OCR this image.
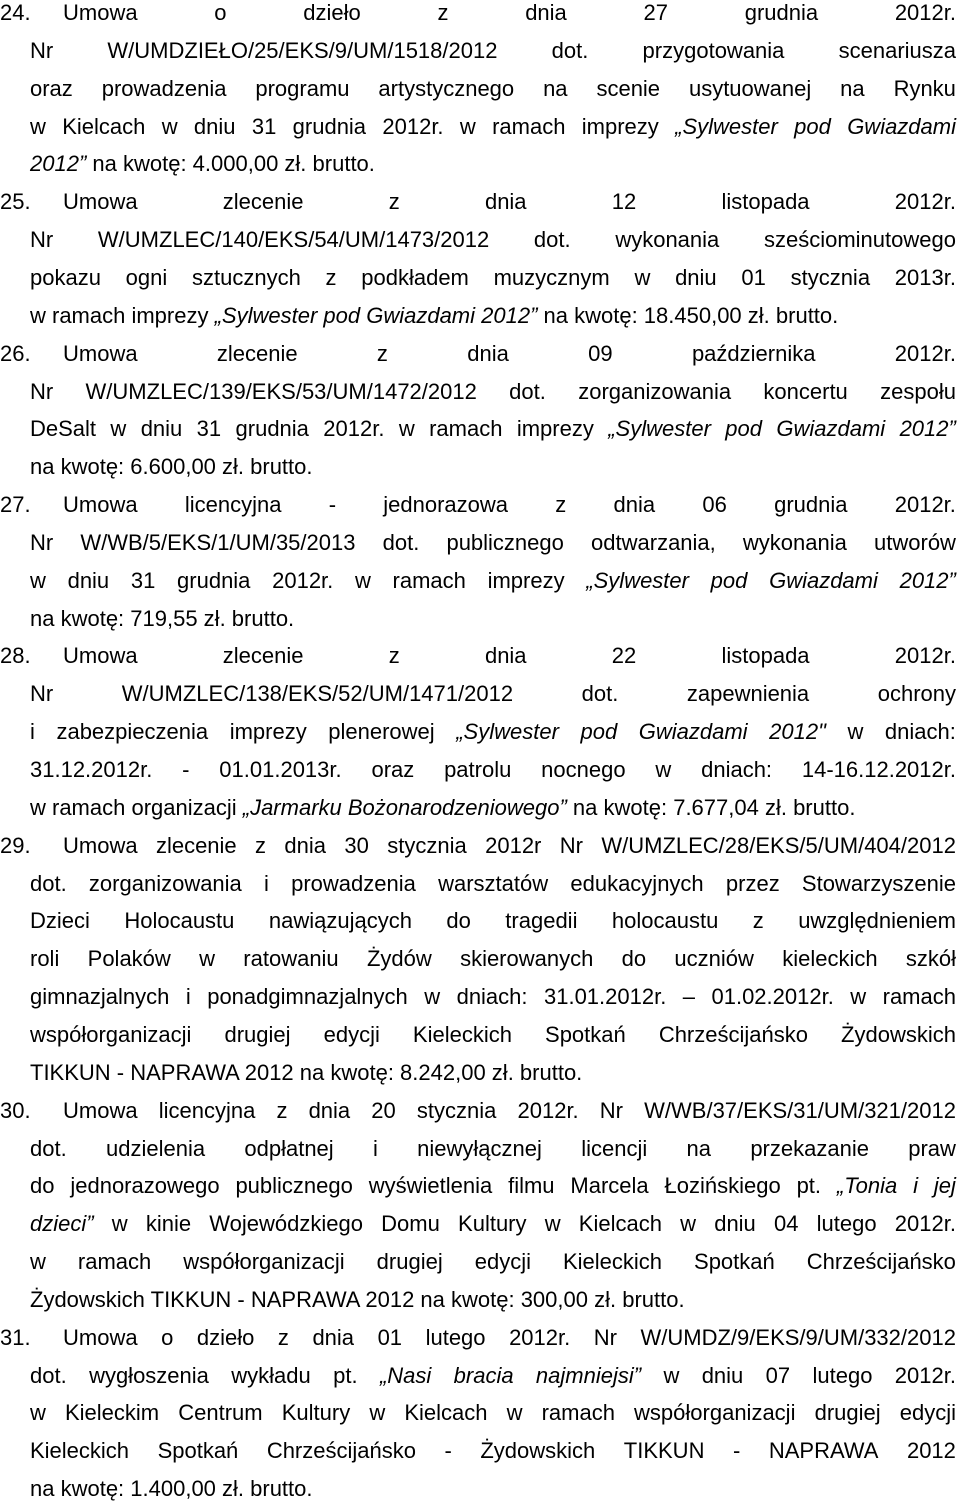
24. Umowa	o	dzieło	z	dnia	27	grudnia	2012r.
Nr W/UMDZIEŁO/25/EKS/9/UM/1518/2012 dot. przygotowania scenariusza
oraz prowadzenia programu artystycznego na scenie usytuowanej na Rynku
w Kielcach w dniu 31 grudnia 2012r. w ramach imprezy „Sylwester pod Gwiazdami
2012” na kwotę: 4.000,00 zł. brutto.
25. Umowa	zlecenie	z	dnia	12	listopada	2012r.
Nr W/UMZLEC/140/EKS/54/UM/1473/2012 dot. wykonania sześciominutowego
pokazu ogni sztucznych z podkładem muzycznym w dniu 01 stycznia 2013r.
w ramach imprezy „Sylwester pod Gwiazdami 2012” na kwotę: 18.450,00 zł. brutto.
26. Umowa	zlecenie	z	dnia	09	października	2012r.
Nr W/UMZLEC/139/EKS/53/UM/1472/2012 dot. zorganizowania koncertu zespołu
DeSalt w dniu 31 grudnia 2012r. w ramach imprezy „Sylwester pod Gwiazdami 2012”
na kwotę: 6.600,00 zł. brutto.
27. Umowa licencyjna - jednorazowa z dnia 06 grudnia 2012r.
Nr W/WB/5/EKS/1/UM/35/2013 dot. publicznego odtwarzania, wykonania utworów
w dniu 31 grudnia 2012r. w ramach imprezy „Sylwester pod Gwiazdami 2012”
na kwotę: 719,55 zł. brutto.
28. Umowa	zlecenie	z	dnia	22	listopada	2012r.
Nr	W/UMZLEC/138/EKS/52/UM/1471/2012	dot.	zapewnienia	ochrony
i zabezpieczenia imprezy plenerowej „Sylwester pod Gwiazdami 2012" w dniach:
31.12.2012r. - 01.01.2013r. oraz patrolu nocnego w dniach: 14-16.12.2012r.
w ramach organizacji „Jarmarku Bożonarodzeniowego” na kwotę: 7.677,04 zł. brutto.
29. Umowa zlecenie z dnia 30 stycznia 2012r Nr W/UMZLEC/28/EKS/5/UM/404/2012
dot. zorganizowania i prowadzenia warsztatów edukacyjnych przez Stowarzyszenie
Dzieci Holocaustu nawiązujących do tragedii holocaustu z uwzględnieniem
roli Polaków w ratowaniu Żydów skierowanych do uczniów kieleckich szkół
gimnazjalnych i ponadgimnazjalnych w dniach: 31.01.2012r. – 01.02.2012r. w ramach
współorganizacji drugiej edycji Kieleckich Spotkań Chrześcijańsko Żydowskich
TIKKUN - NAPRAWA 2012 na kwotę: 8.242,00 zł. brutto.
30. Umowa licencyjna z dnia 20 stycznia 2012r. Nr W/WB/37/EKS/31/UM/321/2012
dot. udzielenia odpłatnej i niewyłącznej licencji na przekazanie praw
do jednorazowego publicznego wyświetlenia filmu Marcela Łozińskiego pt. „Tonia i jej
dzieci” w kinie Wojewódzkiego Domu Kultury w Kielcach w dniu 04 lutego 2012r.
w ramach współorganizacji drugiej edycji Kieleckich Spotkań Chrześcijańsko
Żydowskich TIKKUN - NAPRAWA 2012 na kwotę: 300,00 zł. brutto.
31. Umowa o dzieło z dnia 01 lutego 2012r. Nr W/UMDZ/9/EKS/9/UM/332/2012
dot. wygłoszenia wykładu pt. „Nasi bracia najmniejsi” w dniu 07 lutego 2012r.
w Kieleckim Centrum Kultury w Kielcach w ramach współorganizacji drugiej edycji
Kieleckich Spotkań Chrześcijańsko - Żydowskich TIKKUN - NAPRAWA 2012
na kwotę: 1.400,00 zł. brutto.
